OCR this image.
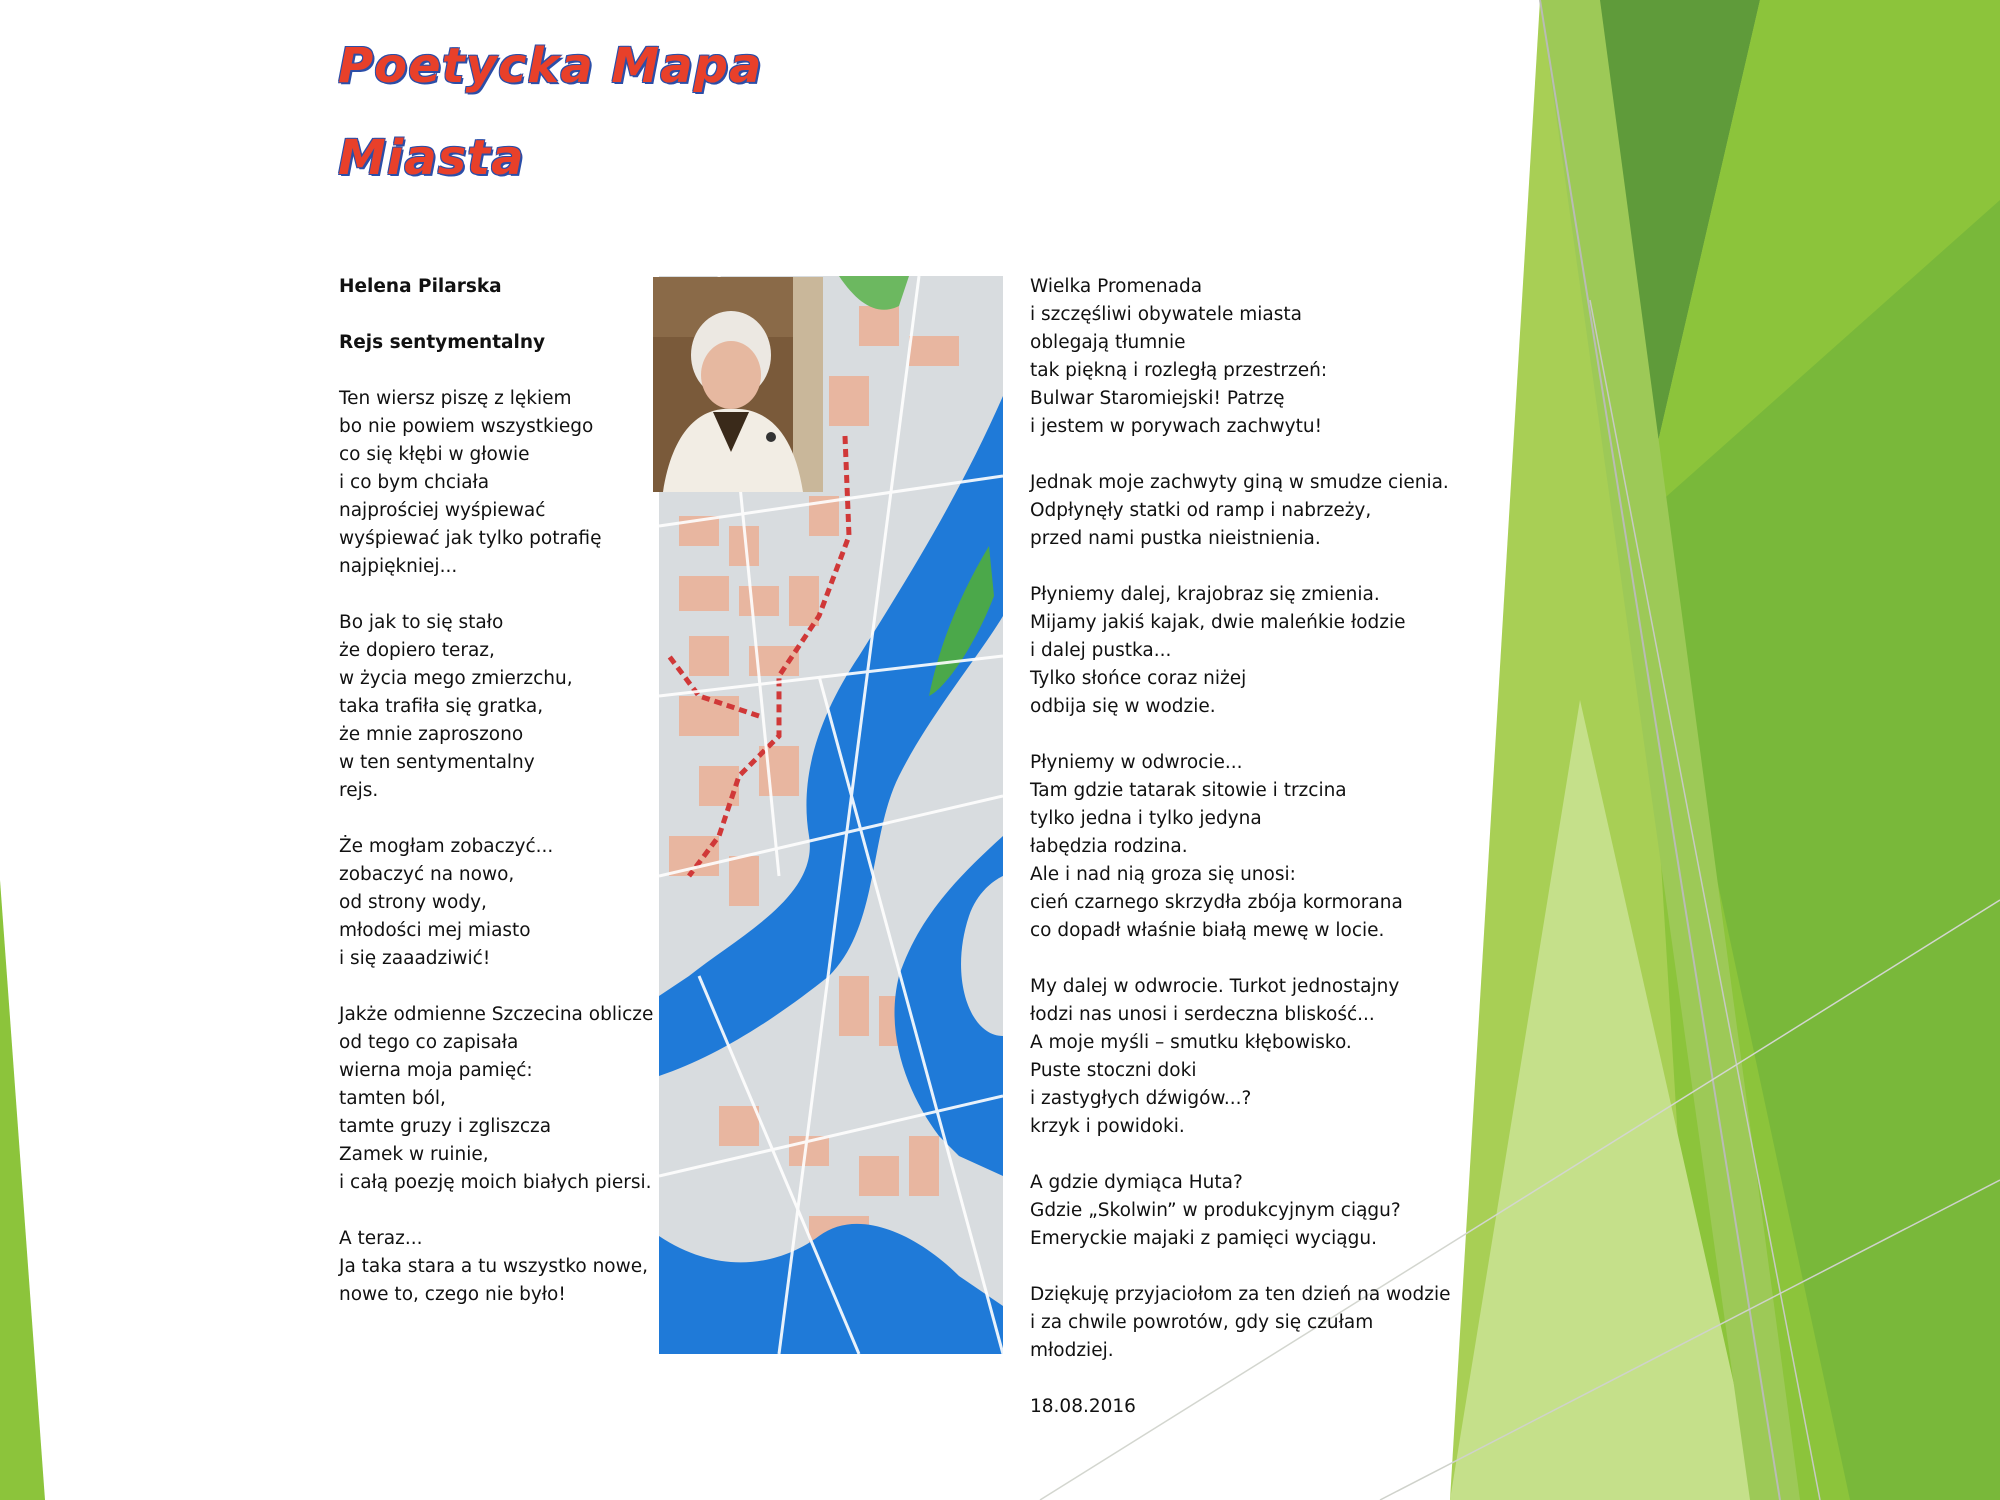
Poetycka Mapa
Miasta

Helena Pilarska

Rejs sentymentalny

Ten wiersz piszę z lękiem

bo nie powiem wszystkiego

co się kłębi w głowie

i co bym chciała

najprościej wyśpiewać

wyśpiewać jak tylko potrafię

najpiękniej...

Bo jak to się stało

że dopiero teraz,

w życia mego zmierzchu,

taka trafiła się gratka,

że mnie zaproszono

w ten sentymentalny

rejs.

Że mogłam zobaczyć...

zobaczyć na nowo,

od strony wody,

młodości mej miasto

i się zaaadziwić!

Jakże odmienne Szczecina oblicze

od tego co zapisała

wierna moja pamięć:

tamten ból,

tamte gruzy i zgliszcza

Zamek w ruinie,

i całą poezję moich białych piersi.

A teraz...

Ja taka stara a tu wszystko nowe,

nowe to, czego nie było!

Wielka Promenada

i szczęśliwi obywatele miasta

oblegają tłumnie

tak piękną i rozległą przestrzeń:

Bulwar Staromiejski! Patrzę

i jestem w porywach zachwytu!

Jednak moje zachwyty giną w smudze cienia.

Odpłynęły statki od ramp i nabrzeży,

przed nami pustka nieistnienia.

Płyniemy dalej, krajobraz się zmienia.

Mijamy jakiś kajak, dwie maleńkie łodzie

i dalej pustka...

Tylko słońce coraz niżej

odbija się w wodzie.

Płyniemy w odwrocie...

Tam gdzie tatarak sitowie i trzcina

tylko jedna i tylko jedyna

łabędzia rodzina.

Ale i nad nią groza się unosi:

cień czarnego skrzydła zbója kormorana

co dopadł właśnie białą mewę w locie.

My dalej w odwrocie. Turkot jednostajny

łodzi nas unosi i serdeczna bliskość...

A moje myśli – smutku kłębowisko.

Puste stoczni doki

i zastygłych dźwigów...?

krzyk i powidoki.

A gdzie dymiąca Huta?

Gdzie „Skolwin” w produkcyjnym ciągu?

Emeryckie majaki z pamięci wyciągu.

Dziękuję przyjaciołom za ten dzień na wodzie

i za chwile powrotów, gdy się czułam

młodziej.

18.08.2016
